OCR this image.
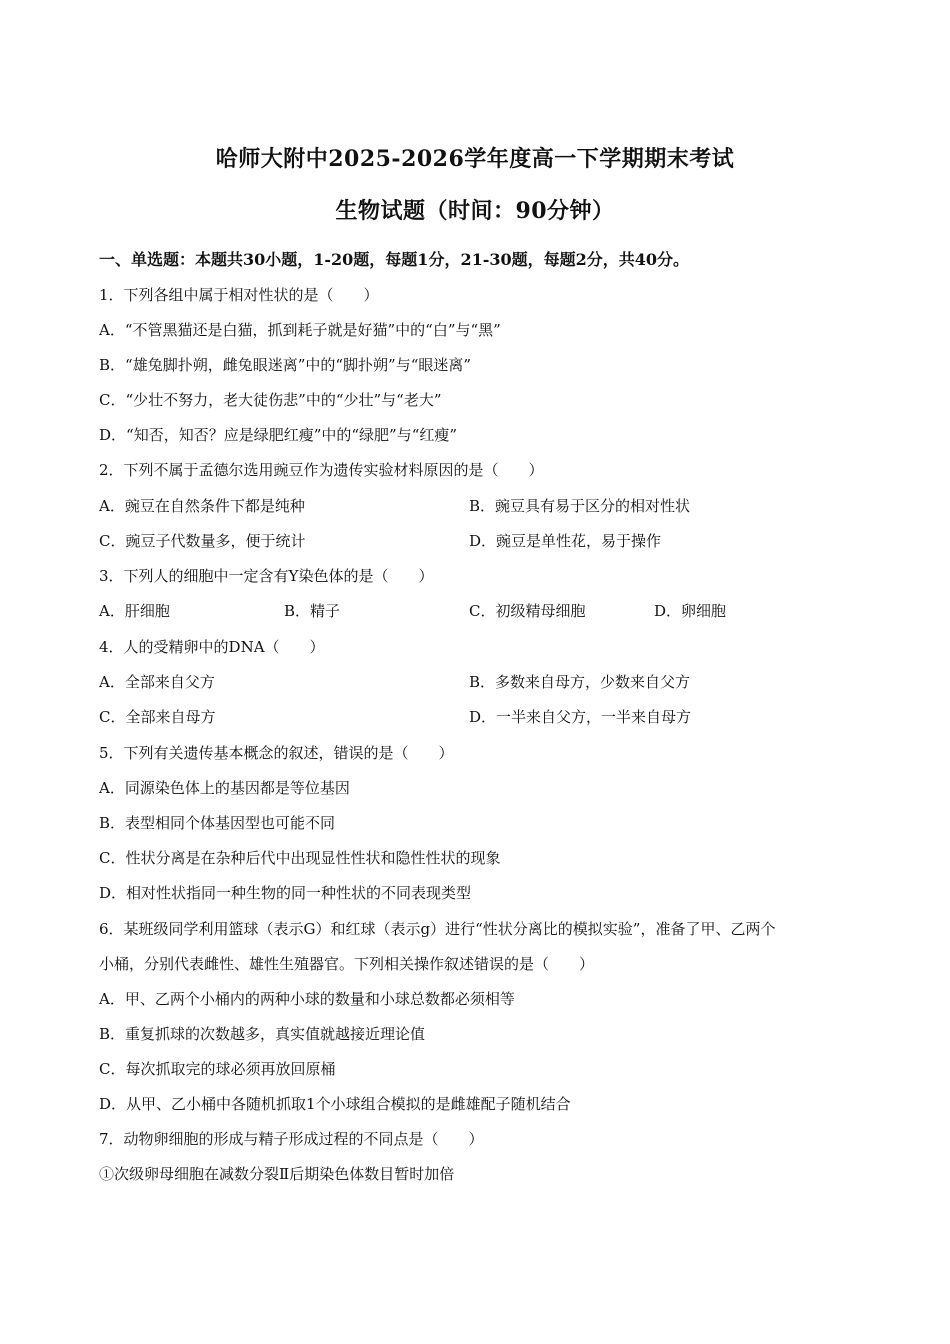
哈师大附中2025-2026学年度高一下学期期末考试
生物试题（时间：90分钟）
一、单选题：本题共30小题，1-20题，每题1分，21-30题，每题2分，共40分。
1．下列各组中属于相对性状的是（　　）
A．“不管黑猫还是白猫，抓到耗子就是好猫”中的“白”与“黑”
B．“雄兔脚扑朔，雌兔眼迷离”中的“脚扑朔”与“眼迷离”
C．“少壮不努力，老大徒伤悲”中的“少壮”与“老大”
D．“知否，知否？应是绿肥红瘦”中的“绿肥”与“红瘦”
2．下列不属于孟德尔选用豌豆作为遗传实验材料原因的是（　　）
A．豌豆在自然条件下都是纯种	B．豌豆具有易于区分的相对性状
C．豌豆子代数量多，便于统计	D．豌豆是单性花，易于操作
3．下列人的细胞中一定含有Y染色体的是（　　）
A．肝细胞	B．精子	C．初级精母细胞	D．卵细胞
4．人的受精卵中的DNA（　　）
A．全部来自父方	B．多数来自母方，少数来自父方
C．全部来自母方	D．一半来自父方，一半来自母方
5．下列有关遗传基本概念的叙述，错误的是（　　）
A．同源染色体上的基因都是等位基因
B．表型相同个体基因型也可能不同
C．性状分离是在杂种后代中出现显性性状和隐性性状的现象
D．相对性状指同一种生物的同一种性状的不同表现类型
6．某班级同学利用篮球（表示G）和红球（表示g）进行“性状分离比的模拟实验”，准备了甲、乙两个
小桶，分别代表雌性、雄性生殖器官。下列相关操作叙述错误的是（　　）
A．甲、乙两个小桶内的两种小球的数量和小球总数都必须相等
B．重复抓球的次数越多，真实值就越接近理论值
C．每次抓取完的球必须再放回原桶
D．从甲、乙小桶中各随机抓取1个小球组合模拟的是雌雄配子随机结合
7．动物卵细胞的形成与精子形成过程的不同点是（　　）
①次级卵母细胞在减数分裂Ⅱ后期染色体数目暂时加倍
